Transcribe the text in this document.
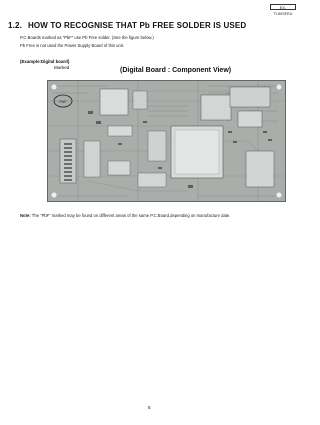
EX-TL50SFEU
1.2. HOW TO RECOGNISE THAT Pb FREE SOLDER IS USED
P.C.Boards marked as “PbF” use Pb Free solder. (See the figure below.)
Pb Free is not used the Power Supply Board of this unit.
(Example:Digital board)
Marked	(Digital Board : Component View)
PbF
Note: The “PbF” marked may be found on different areas of the same P.C.Board,depending on manufacture date.
5
